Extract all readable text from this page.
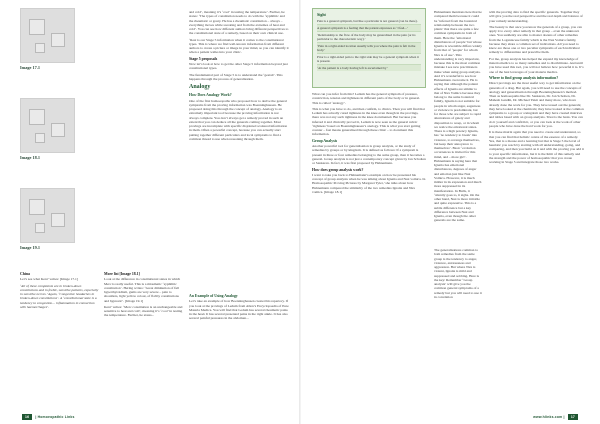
Image 17.1
Image 18.1
Image 19.1

and cold’, meaning it’s ‘cool’ in testing the temperature’. Further, he states: ‘The types of constitution needs to do with the ‘syphilitic and the rheumatic or gouty. He has a rheumatic constitution – always – everything moves while sweating and from the extremes of heat and cold’. You can see how different authors bring different perspectives to the constitutional state of a remedy, based on their own clinical use.

‘Rest is our Stage 5 information when it comes to the constitutional types. This is where we find well-known information from different authors to create a picture or image in your mind, so you can identify it when a patient walks into your clinic.

Stage 5 proposals

Now let’s look at how to get the other Stage 5 information beyond just constitutional types.

The fundamental part of Stage 5 is to understand the ‘gestalt’. This happens through the process of generalisation.

Analogy
How Does Analogy Work?

One of the first homoeopaths who proposed how to derive the general symptoms from the proving information was Boenninghausen. He proposed doing this through the concept of analogy. Analogy is an extremely important tool because the proving information is not always complete. You don’t always get a remedy proved in such an extent that you can deduce all the generals coming together. Most provings are incomplete with specific disjointed scattered information in them. Often a powerful concept, because you can actually start putting together different particulars and local symptoms to find a common thread to use when reasoning through them.

China

Let’s see what Kent’ writes: [Image 17.1]

‘All of these complaints are in broken-down constitutions and in feeble, sensitive patients, especially in sensitive nerves.’ Again, ‘Congestive headaches in broken-down constitutions’. A ‘constitutional state is a tendency to congestion… inflammation in connection with haemorrhages’.

More list [Image 18.1]

Look at the difference in constitutional states in which Merc is really useful. This is a miasmatic ‘syphilitic constitution’. Hering writes: ‘Great diminution of full hyperthyroidism, gums are very severe – pain to shoulders, light yellow colour, of flabby constitutions and hypnotic’. [Image 19.1]

Kent’ writes: ‘Merc constitution is an unchangeable and sensitive to heat and cold’, meaning it’s ‘cool’ in testing the temperature. Further, he states...

An Example of Using Analogy

Let’s take an example of how Boenninghausen created his repertory. If you look at the provings of Ledum from Allen’s Encyclopaedia of Pure Materia Medica. You will find that Ledum has several rheumatic pains in the head. It has several presented pains in the right ankle. It has also several painful pressures in the abdomen...

16 | Homoeopathic Links
Sight
Pain is a general symptom, but like a particular is not general (can be there).
A general symptom is a feeling that the patient expresses as ‘I feel...’
‘Relationship to the flow of the body may be generalized in the pain (or its particular to the characteristic way).’
‘Pain in a right-sided location usually tells you where the pain is felt in the body.’
Prior is a right-sided pain to the right side may be a general symptom when it is present.
‘At the patient is a body having left is ascertained by’

What can you infer from this? Ledum has the general symptom of pressure, constriction, tension and tightness in different parts of the body or in general. This is called ‘analogy’.

This is what you have to do, and then confirm, to clinics. Then you will find that Ledum has actually cured tightness in the knee even though in the provings, there was not any such tightness in the knee documented. But because you inferred it and clinically proved it, Ledum is now seen as the general rubric ‘tightness’ based on Boenninghausen’s analogy. This is what you start getting counter – fast means generalised through these clinic – to document this information.

Group Analysis

Another powerful tool for generalisation is group analysis, or the study of remedies by groups or by kingdom. It is defined as follows: If a symptom is present in three or four remedies belonging to the same group, then it becomes a general. Group analysis is not just a contemporary concept given by Jan Scholten or Sankaran. In fact, it was first proposed by Hahnemann.

How does group analysis work?

I want to take you back to Hahnemann’s example on how he presented his concept of group analysis when he was talking about Ignatia and Nux vomica. In Homoeopathic Proving Pictures by Margaret Tyler,’ she talks about how Hahnemann compared the similarity of the two remedies Ignatia and Nux vomica. [Image 18.1]

Hahnemann mentions here that he compared them because it could be ‘inferred from the botanical relationship between the two plants’ that there are quite a few common symptoms in both of them. Here the ‘emotional disturbances of people’ but whose Ignatia is reversible differs widely from that of ‘people’ for whom Nux is of use’. This understanding is very important, because this is the most common mistake I see new practitioners make when using group analysis. And it’s wonderful to see how Hahnemann overcome it. He is saying that although the patient effects of Ignatia are similar to that of Nux Vomica because they belong to the same botanical family, Ignatia is not suitable for people in whom anger, eagerness or violence is predominant, but for those who are subject to rapid alternations of gaiety and disposition to weep, or in whom we notice the emotional states. There is a high potency Ignatia, has ‘no tendency to break’ into violence, to revenge themselves, but keep their annoyance to themselves’. Basic ‘evolution occurrences is invited for this mind, and – more giri’. Hahnemann is saying here that Ignatia has emotional disturbances, degrees of anger and emotion just like Nux Vomica. However, it is much milder in its expression and much more suppressed in its manifestation. In Bulls, it ‘silently goes to, it sighs. On the other hand, Nux is more irritable and quite expressive. This is a subtle difference but a key difference between Nux and Ignatia, even though the other generals are the same.

The generalisations common to both remedies from the same group is the tendency to anger, violence, anxiousness and aggression. But where Nux is violent, Ignatia is mild and suppressed and sobbing. Here is the key: Remember ‘Group analysis’ will give you the common general symptoms of a remedy but you will need to use it in correlation

with the proving data to find the specific generals. Together they will give you the real perspective and the real depth and balance of your remedy understanding.

The beauty is that once you know the generals of a group, you can apply it to every other remedy in that group – even the unknown ones. You suddenly are able to master dozens of other remedies from the Loganiaceae family which is the Nux Vomica family, because they share a common set of indications. All you need to know are those one or two peculiar symptoms of each individual remedy to differentiate and prescribe them.

For me, group analysis has helped me expand my knowledge of materia medica to so many remedies and to discriminate. And until you have used this tool, you will not believe how powerful it is. It’s one of the best leverages of your materia medica.

Where to find group analysis information?

Direct provings are the most useful way to get information on the generals of a drug. But again, you will need to use the concepts of analogy and generalisation through Boenninghausen’s method. Then as homoeopaths like Dr. Sankaran, Dr. Jan Scholten, Dr. Mahesh Gandhi, Dr. Michael Yakir and many more, who have already done the work for you. They have teased out the generals; they have looked at the chemicals; they have looked at the common symptoms to a group or a kingdom and they have created matrices and tables based with on group analysis. Trust is the basis. You can do it yourself and confirm it, or you can look at the work of other people who have done the hard work for you.

It is these matrix again that you need to create and understand, so that you can find that holistic centre of the essence of a remedy. Yes, that is a mouse and a learning but that is Stage 5 the level of heuristic you reach by starting with all understanding, going, and comparing, and then you build on it and with the proving you add it to your specific information, but it is the limit of this remedy and the strength and the power of homoeopathic that you create working in Stage 5 and integrate those two works.

www.hlinks.com | 17
